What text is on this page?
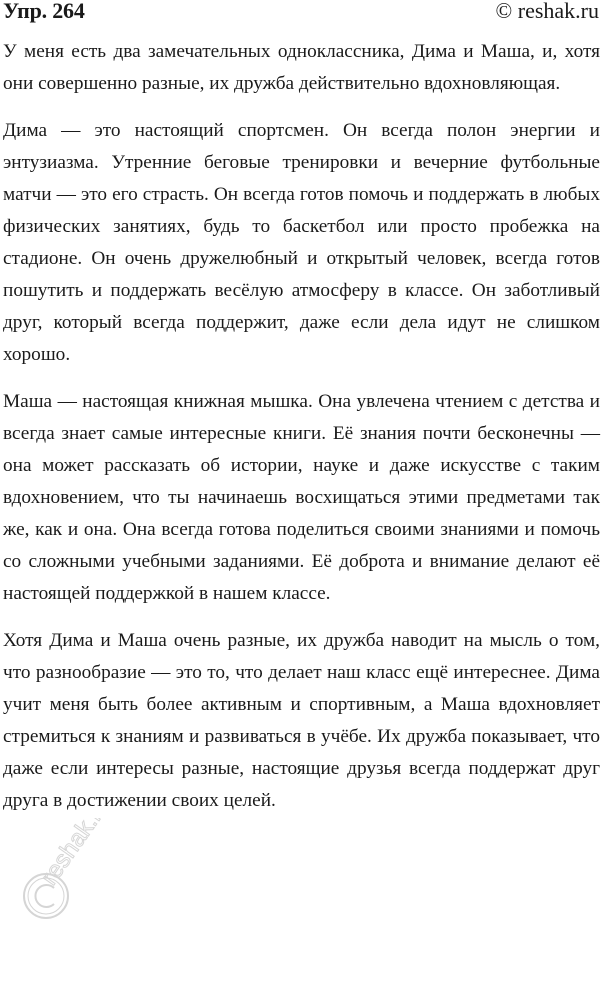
Упр. 264	© reshak.ru

У меня есть два замечательных одноклассника, Дима и Маша, и, хотя они совершенно разные, их дружба действительно вдохновляющая.

Дима — это настоящий спортсмен. Он всегда полон энергии и энтузиазма. Утренние беговые тренировки и вечерние футбольные матчи — это его страсть. Он всегда готов помочь и поддержать в любых физических занятиях, будь то баскетбол или просто пробежка на стадионе. Он очень дружелюбный и открытый человек, всегда готов пошутить и поддержать весёлую атмосферу в классе. Он заботливый друг, который всегда поддержит, даже если дела идут не слишком хорошо.

Маша — настоящая книжная мышка. Она увлечена чтением с детства и всегда знает самые интересные книги. Её знания почти бесконечны — она может рассказать об истории, науке и даже искусстве с таким вдохновением, что ты начинаешь восхищаться этими предметами так же, как и она. Она всегда готова поделиться своими знаниями и помочь со сложными учебными заданиями. Её доброта и внимание делают её настоящей поддержкой в нашем классе.

Хотя Дима и Маша очень разные, их дружба наводит на мысль о том, что разнообразие — это то, что делает наш класс ещё интереснее. Дима учит меня быть более активным и спортивным, а Маша вдохновляет стремиться к знаниям и развиваться в учёбе. Их дружба показывает, что даже если интересы разные, настоящие друзья всегда поддержат друг друга в достижении своих целей.

reshak.ru
